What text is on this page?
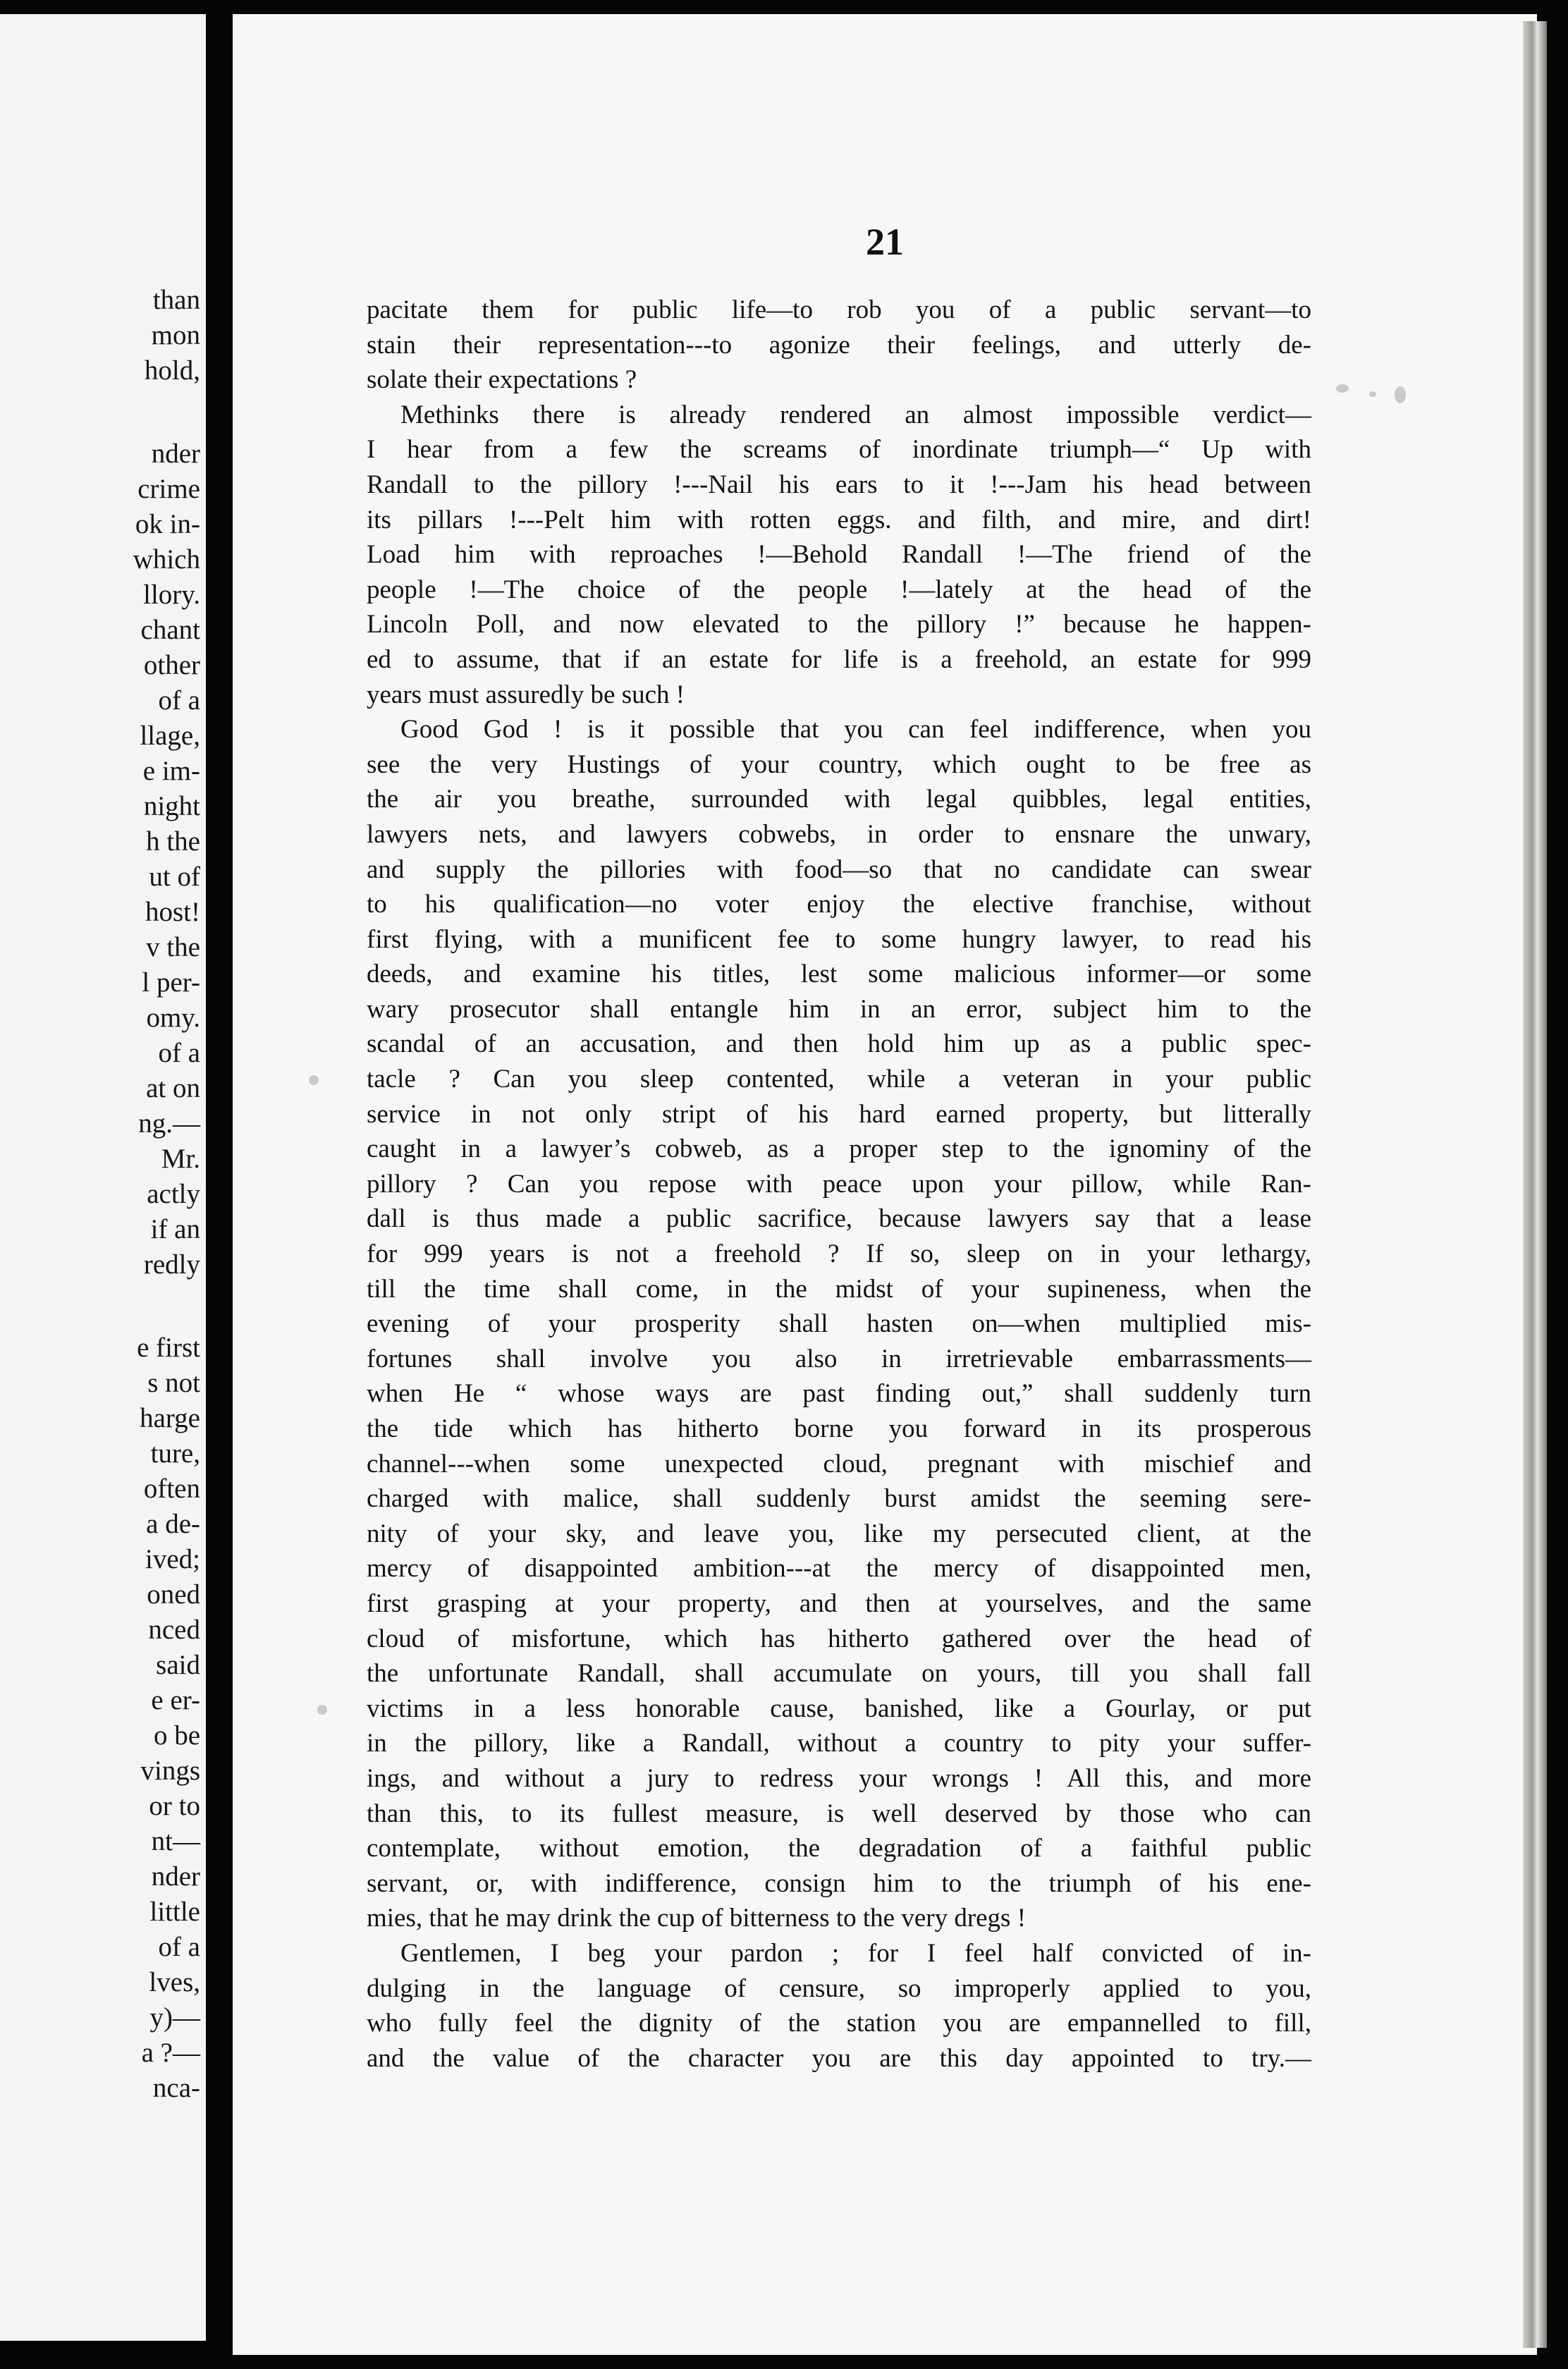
than
mon
hold,
nder
crime
ok in-
which
llory.
chant
other
of a
llage,
e im-
night
h the
ut of
host!
v the
l per-
omy.
of a
at on
ng.—
Mr.
actly
if an
redly
e first
s not
harge
ture,
often
a de-
ived;
oned
nced
said
e er-
o be
vings
or to
nt—
nder
little
of a
lves,
y)—
a ?—
nca-
21
pacitate them for public life—to rob you of a public servant—to
stain their representation---to agonize their feelings, and utterly de-
solate their expectations ?
Methinks there is already rendered an almost impossible verdict—
I hear from a few the screams of inordinate triumph—“ Up with
Randall to the pillory !---Nail his ears to it !---Jam his head between
its pillars !---Pelt him with rotten eggs. and filth, and mire, and dirt!
Load him with reproaches !—Behold Randall !—The friend of the
people !—The choice of the people !—lately at the head of the
Lincoln Poll, and now elevated to the pillory !” because he happen-
ed to assume, that if an estate for life is a freehold, an estate for 999
years must assuredly be such !
Good God ! is it possible that you can feel indifference, when you
see the very Hustings of your country, which ought to be free as
the air you breathe, surrounded with legal quibbles, legal entities,
lawyers nets, and lawyers cobwebs, in order to ensnare the unwary,
and supply the pillories with food—so that no candidate can swear
to his qualification—no voter enjoy the elective franchise, without
first flying, with a munificent fee to some hungry lawyer, to read his
deeds, and examine his titles, lest some malicious informer—or some
wary prosecutor shall entangle him in an error, subject him to the
scandal of an accusation, and then hold him up as a public spec-
tacle ? Can you sleep contented, while a veteran in your public
service in not only stript of his hard earned property, but litterally
caught in a lawyer’s cobweb, as a proper step to the ignominy of the
pillory ? Can you repose with peace upon your pillow, while Ran-
dall is thus made a public sacrifice, because lawyers say that a lease
for 999 years is not a freehold ? If so, sleep on in your lethargy,
till the time shall come, in the midst of your supineness, when the
evening of your prosperity shall hasten on—when multiplied mis-
fortunes shall involve you also in irretrievable embarrassments—
when He “ whose ways are past finding out,” shall suddenly turn
the tide which has hitherto borne you forward in its prosperous
channel---when some unexpected cloud, pregnant with mischief and
charged with malice, shall suddenly burst amidst the seeming sere-
nity of your sky, and leave you, like my persecuted client, at the
mercy of disappointed ambition---at the mercy of disappointed men,
first grasping at your property, and then at yourselves, and the same
cloud of misfortune, which has hitherto gathered over the head of
the unfortunate Randall, shall accumulate on yours, till you shall fall
victims in a less honorable cause, banished, like a Gourlay, or put
in the pillory, like a Randall, without a country to pity your suffer-
ings, and without a jury to redress your wrongs ! All this, and more
than this, to its fullest measure, is well deserved by those who can
contemplate, without emotion, the degradation of a faithful public
servant, or, with indifference, consign him to the triumph of his ene-
mies, that he may drink the cup of bitterness to the very dregs !
Gentlemen, I beg your pardon ; for I feel half convicted of in-
dulging in the language of censure, so improperly applied to you,
who fully feel the dignity of the station you are empannelled to fill,
and the value of the character you are this day appointed to try.—
